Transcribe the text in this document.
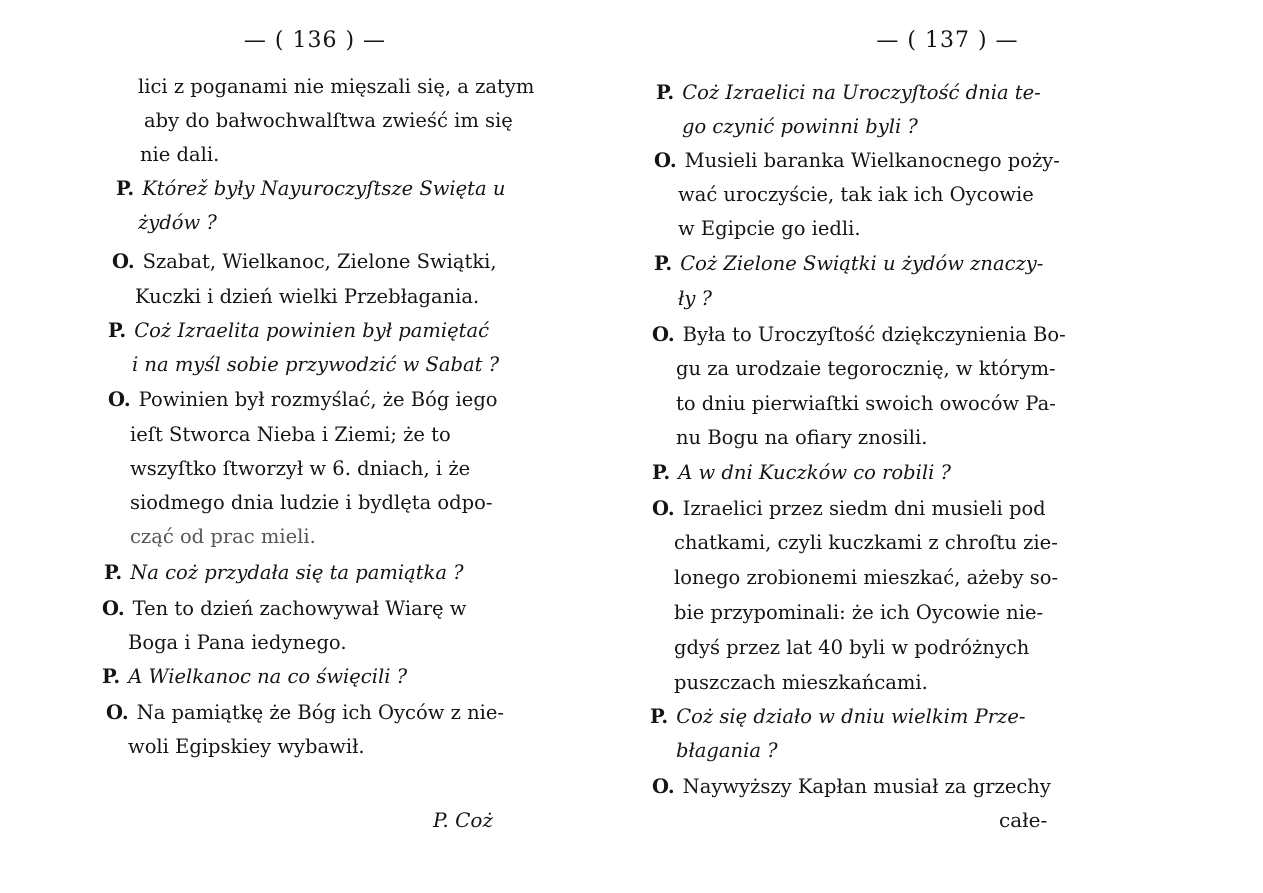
— ( 136 ) —
lici z poganami nie mięszali się, a zatym
aby do bałwochwalſtwa zwieść im się
nie dali.
P. Którež były Nayuroczyſtsze Swięta u
żydów ?
O. Szabat, Wielkanoc, Zielone Swiątki,
Kuczki i dzień wielki Przebłagania.
P. Coż Izraelita powinien był pamiętać
i na myśl sobie przywodzić w Sabat ?
O. Powinien był rozmyślać, że Bóg iego
ieſt Stworca Nieba i Ziemi; że to
wszyſtko ſtworzył w 6. dniach, i że
siodmego dnia ludzie i bydlęta odpo-
cząć od prac mieli.
P. Na coż przydała się ta pamiątka ?
O. Ten to dzień zachowywał Wiarę w
Boga i Pana iedynego.
P. A Wielkanoc na co święcili ?
O. Na pamiątkę że Bóg ich Oyców z nie-
woli Egipskiey wybawił.
P. Coż
— ( 137 ) —
P. Coż Izraelici na Uroczyſtość dnia te-
go czynić powinni byli ?
O. Musieli baranka Wielkanocnego poży-
wać uroczyście, tak iak ich Oycowie
w Egipcie go iedli.
P. Coż Zielone Swiątki u żydów znaczy-
ły ?
O. Była to Uroczyſtość dziękczynienia Bo-
gu za urodzaie tegorocznię, w którym-
to dniu pierwiaſtki swoich owoców Pa-
nu Bogu na ofiary znosili.
P. A w dni Kuczków co robili ?
O. Izraelici przez siedm dni musieli pod
chatkami, czyli kuczkami z chroſtu zie-
lonego zrobionemi mieszkać, ażeby so-
bie przypominali: że ich Oycowie nie-
gdyś przez lat 40 byli w podróżnych
puszczach mieszkańcami.
P. Coż się działo w dniu wielkim Prze-
błagania ?
O. Naywyższy Kapłan musiał za grzechy
całe-
